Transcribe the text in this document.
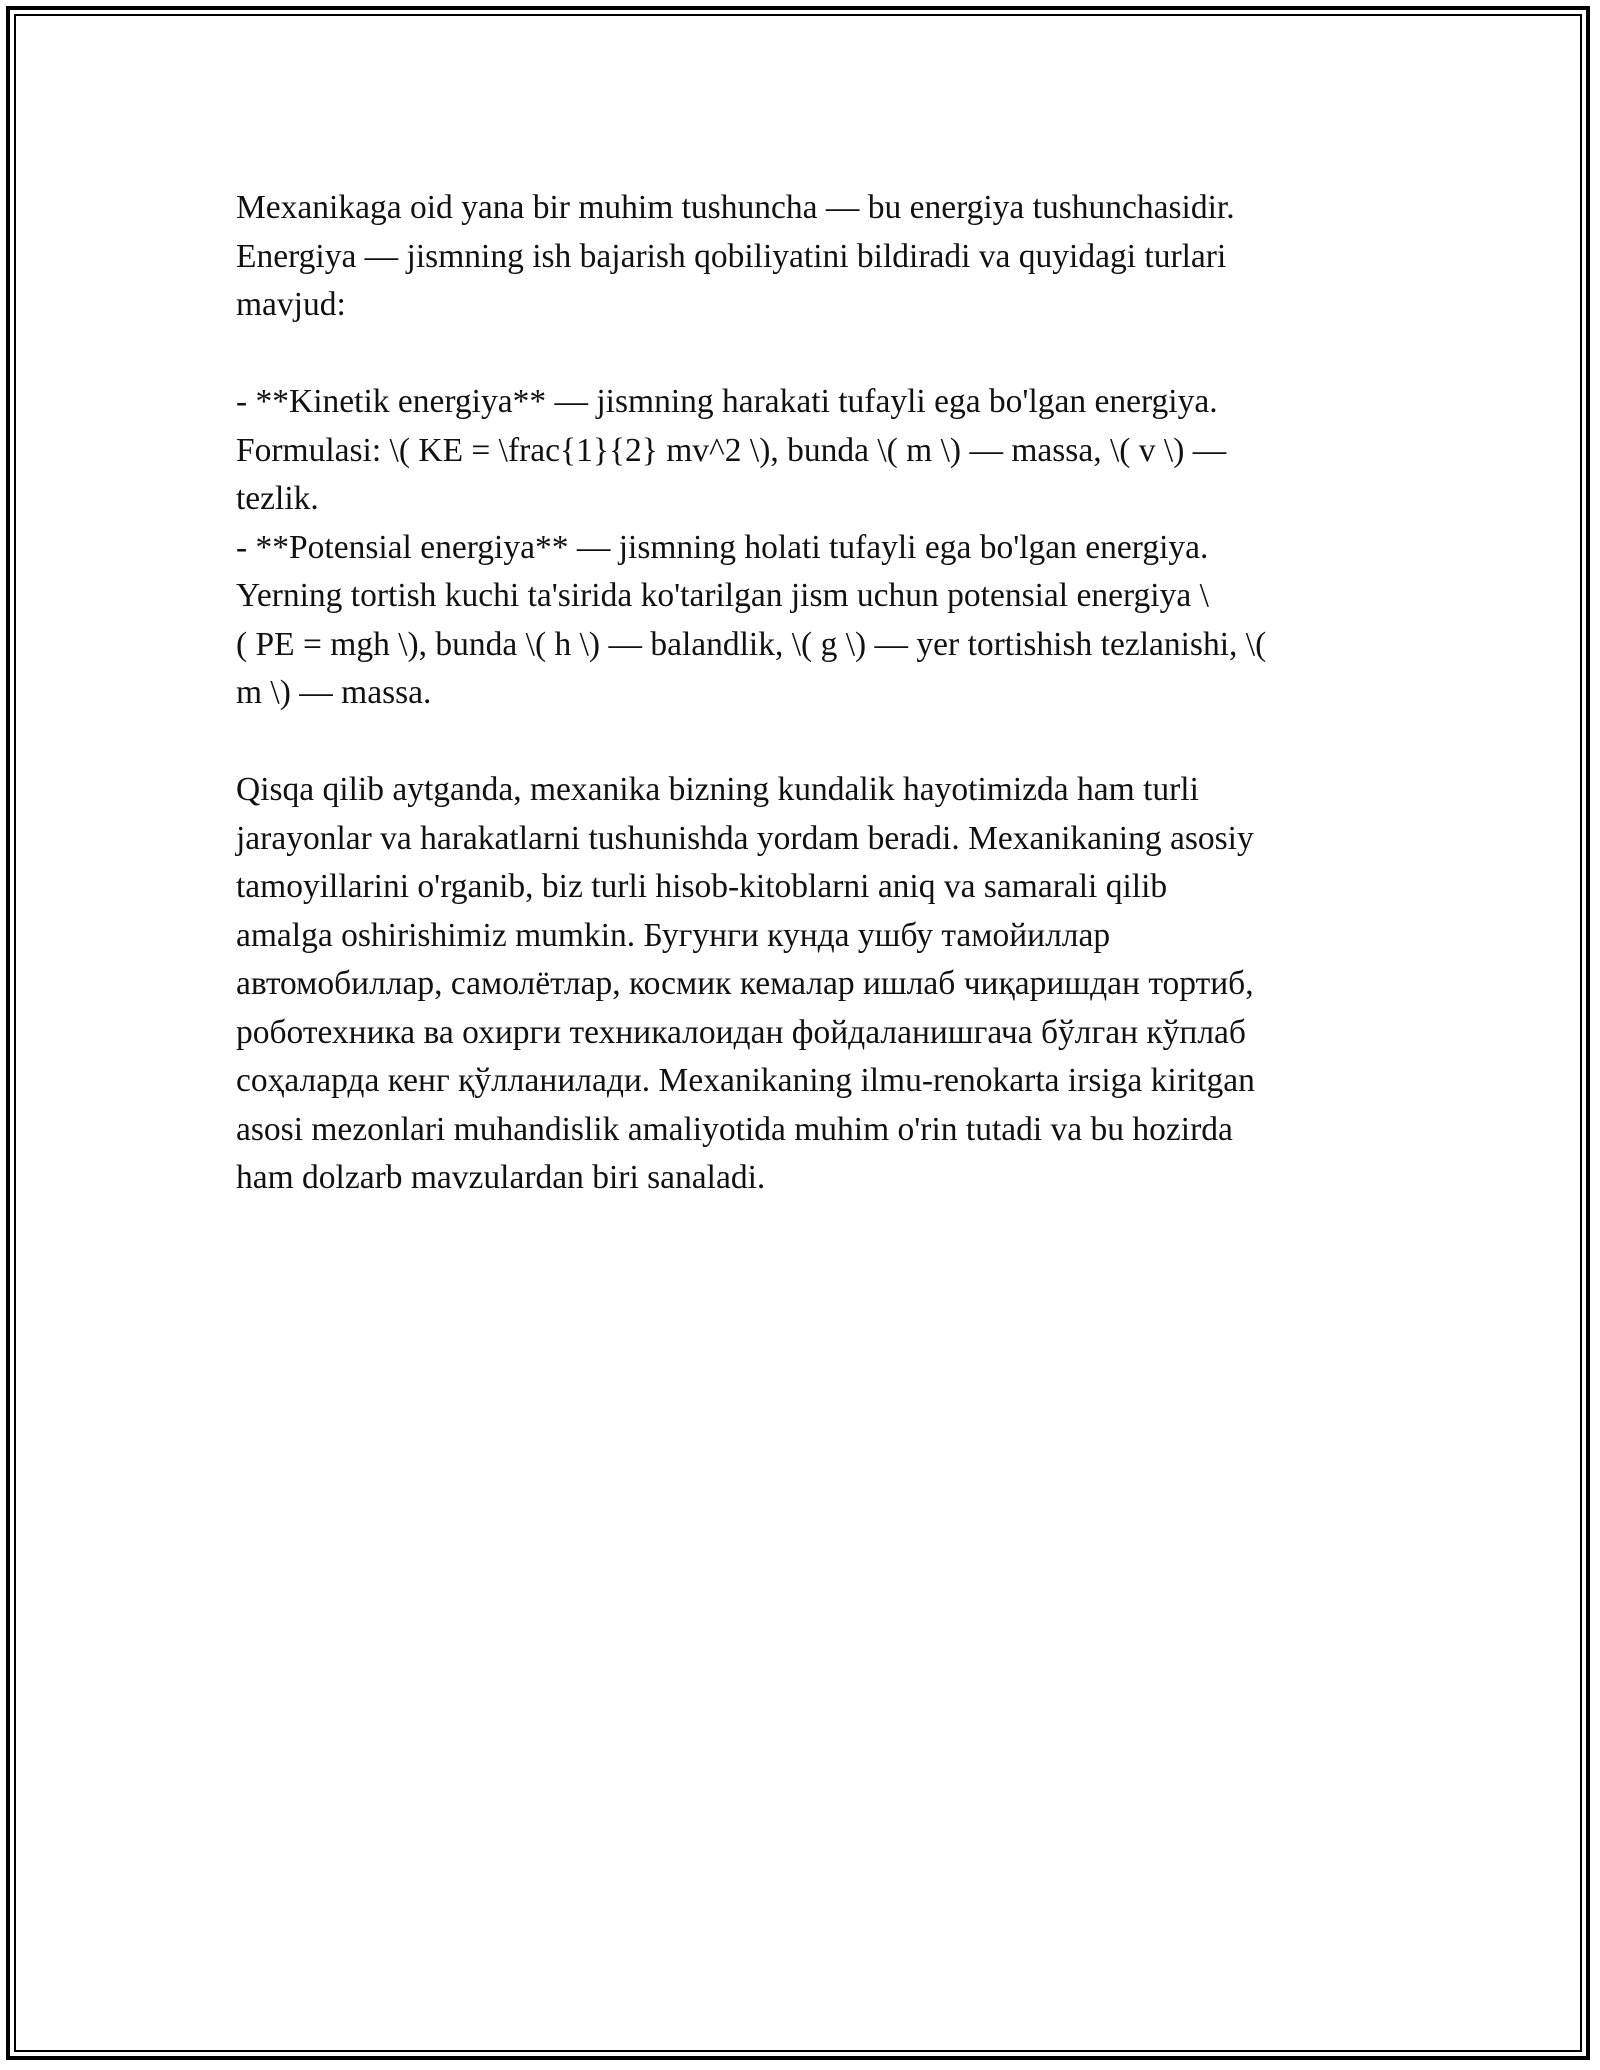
Mexanikaga oid yana bir muhim tushuncha — bu energiya tushunchasidir.
Energiya — jismning ish bajarish qobiliyatini bildiradi va quyidagi turlari
mavjud:

- **Kinetik energiya** — jismning harakati tufayli ega bo'lgan energiya.
Formulasi: \( KE = \frac{1}{2} mv^2 \), bunda \( m \) — massa, \( v \) —
tezlik.

- **Potensial energiya** — jismning holati tufayli ega bo'lgan energiya.
Yerning tortish kuchi ta'sirida ko'tarilgan jism uchun potensial energiya \
( PE = mgh \), bunda \( h \) — balandlik, \( g \) — yer tortishish tezlanishi, \(
m \) — massa.

Qisqa qilib aytganda, mexanika bizning kundalik hayotimizda ham turli
jarayonlar va harakatlarni tushunishda yordam beradi. Mexanikaning asosiy
tamoyillarini o'rganib, biz turli hisob-kitoblarni aniq va samarali qilib
amalga oshirishimiz mumkin. Бугунги кунда ушбу тамойиллар
автомобиллар, самолётлар, космик кемалар ишлаб чиқаришдан тортиб,
роботехника ва охирги техникалоидан фойдаланишгача бўлган кўплаб
соҳаларда кенг қўлланилади. Mexanikaning ilmu-renokarta irsiga kiritgan
asosi mezonlari muhandislik amaliyotida muhim o'rin tutadi va bu hozirda
ham dolzarb mavzulardan biri sanaladi.
